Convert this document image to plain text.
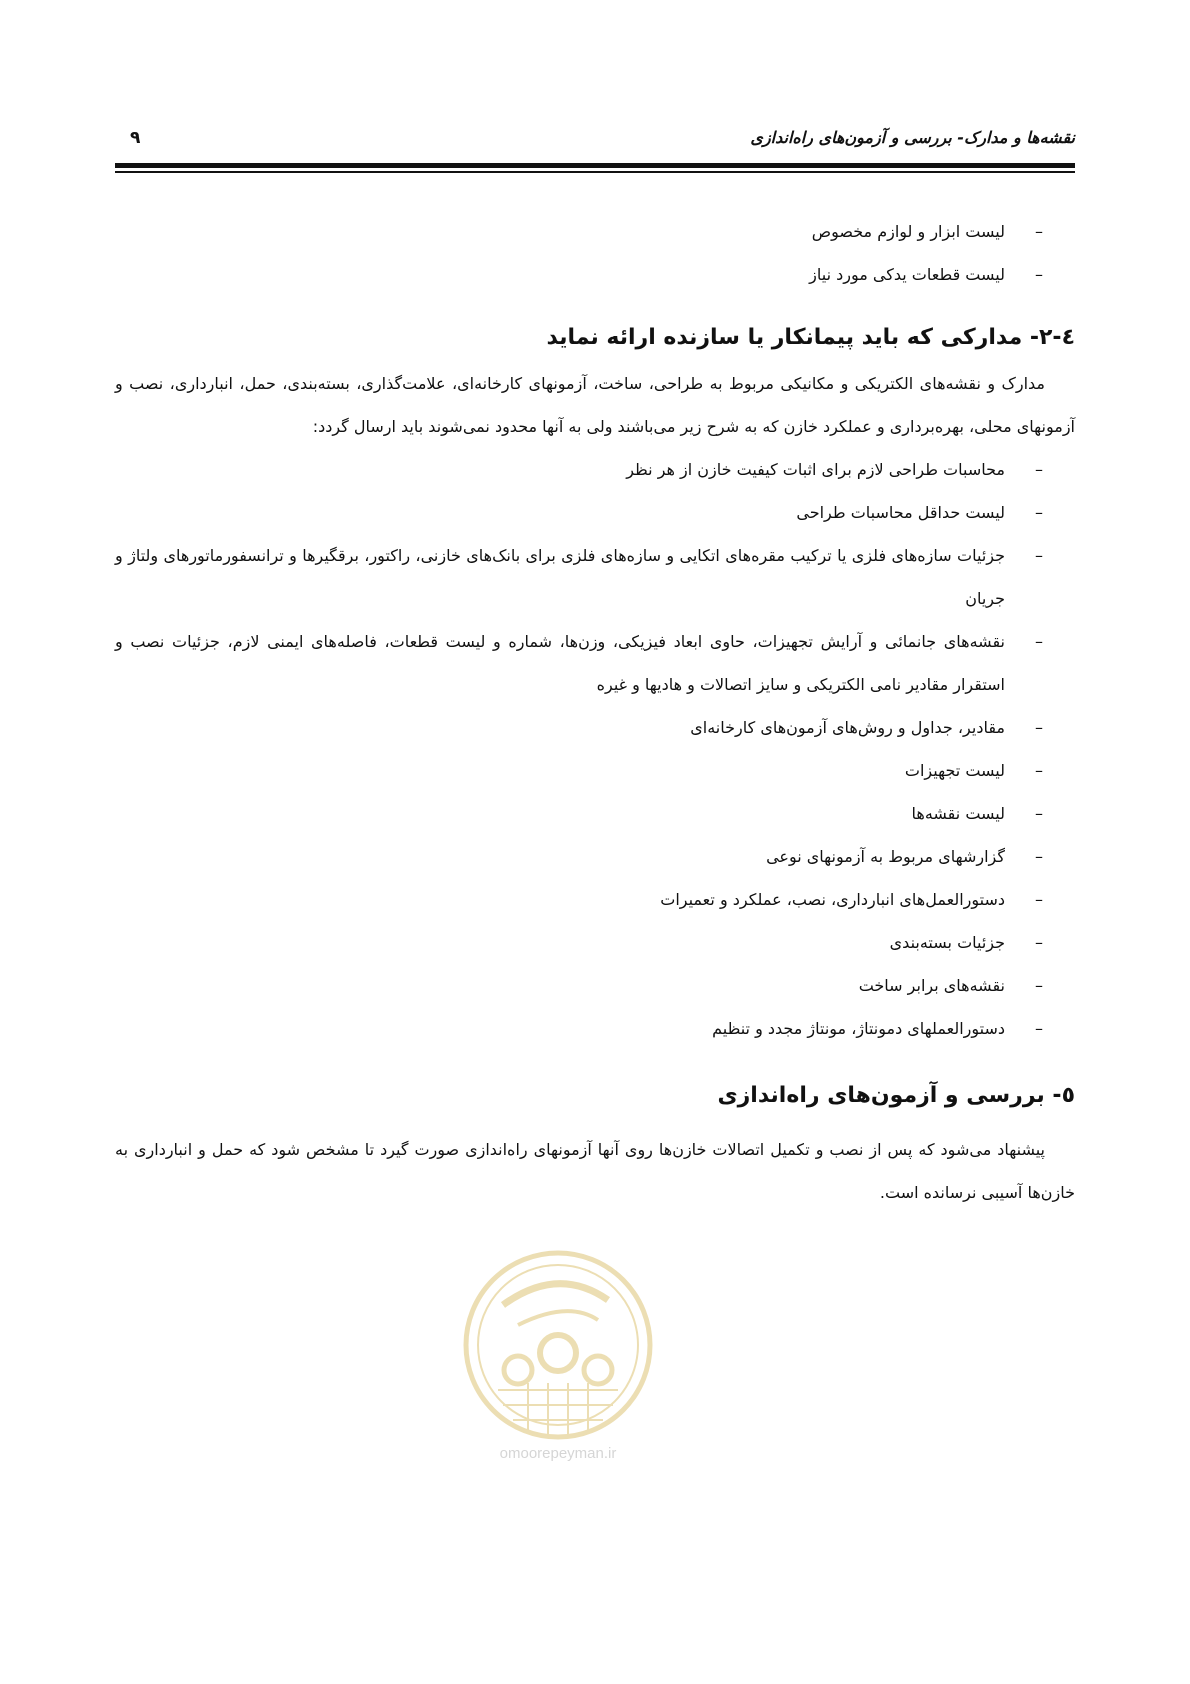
نقشه‌ها و مدارک- بررسی و آزمون‌های راه‌اندازی
۹
–
لیست ابزار و لوازم مخصوص
–
لیست قطعات یدکی مورد نیاز
٤-٢- مدارکی که باید پیمانکار یا سازنده ارائه نماید

مدارک و نقشه‌های الکتریکی و مکانیکی مربوط به طراحی، ساخت، آزمونهای کارخانه‌ای، علامت‌گذاری، بسته‌بندی، حمل، انبارداری، نصب و آزمونهای محلی، بهره‌برداری و عملکرد خازن که به شرح زیر می‌باشند ولی به آنها محدود نمی‌شوند باید ارسال گردد:

–
محاسبات طراحی لازم برای اثبات کیفیت خازن از هر نظر
–
لیست حداقل محاسبات طراحی
–
جزئیات سازه‌های فلزی یا ترکیب مقره‌های اتکایی و سازه‌های فلزی برای بانک‌های خازنی، راکتور، برقگیرها و ترانسفورماتورهای ولتاژ و جریان
–
نقشه‌های جانمائی و آرایش تجهیزات، حاوی ابعاد فیزیکی، وزن‌ها، شماره و لیست قطعات، فاصله‌های ایمنی لازم، جزئیات نصب و استقرار مقادیر نامی الکتریکی و سایز اتصالات و هادیها و غیره
–
مقادیر، جداول و روش‌های آزمون‌های کارخانه‌ای
–
لیست تجهیزات
–
لیست نقشه‌ها
–
گزارشهای مربوط به آزمونهای نوعی
–
دستورالعمل‌های انبارداری، نصب، عملکرد و تعمیرات
–
جزئیات بسته‌بندی
–
نقشه‌های برابر ساخت
–
دستورالعملهای دمونتاژ، مونتاژ مجدد و تنظیم
٥- بررسی و آزمون‌های راه‌اندازی

پیشنهاد می‌شود که پس از نصب و تکمیل اتصالات خازن‌ها روی آنها آزمونهای راه‌اندازی صورت گیرد تا مشخص شود که حمل و انبارداری به خازن‌ها آسیبی نرسانده است.

omoorepeyman.ir
